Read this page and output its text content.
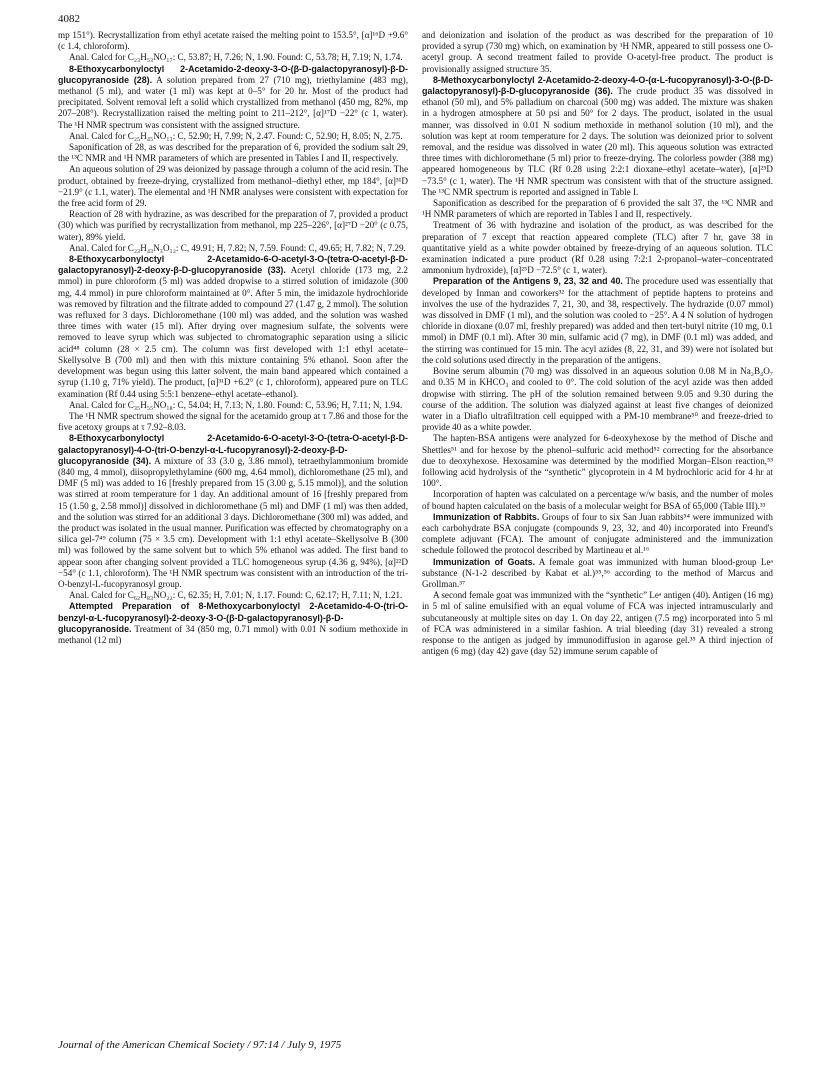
4082

mp 151°). Recrystallization from ethyl acetate raised the melting point to 153.5°, [α]¹⁶D +9.6° (c 1.4, chloroform).

Anal. Calcd for C₂₃H₅₃NO₁₇: C, 53.87; H, 7.26; N, 1.90. Found: C, 53.78; H, 7.19; N, 1.74.

8-Ethoxycarbonyloctyl 2-Acetamido-2-deoxy-3-O-(β-D-galactopyranosyl)-β-D-glucopyranoside (28). A solution prepared from 27 (710 mg), triethylamine (483 mg), methanol (5 ml), and water (1 ml) was kept at 0–5° for 20 hr. Most of the product had precipitated. Solvent removal left a solid which crystallized from methanol (450 mg, 82%, mp 207–208°). Recrystallization raised the melting point to 211–212°, [α]¹⁷D −22° (c 1, water). The ¹H NMR spectrum was consistent with the assigned structure.

Anal. Calcd for C₂₅H₄₅NO₁₃: C, 52.90; H, 7.99; N, 2.47. Found: C, 52.90; H, 8.05; N, 2.75.

Saponification of 28, as was described for the preparation of 6, provided the sodium salt 29, the ¹³C NMR and ¹H NMR parameters of which are presented in Tables I and II, respectively.

An aqueous solution of 29 was deionized by passage through a column of the acid resin. The product, obtained by freeze-drying, crystallized from methanol–diethyl ether, mp 184°, [α]³¹D −21.9° (c 1.1, water). The elemental and ¹H NMR analyses were consistent with expectation for the free acid form of 29.

Reaction of 28 with hydrazine, as was described for the preparation of 7, provided a product (30) which was purified by recrystallization from methanol, mp 225–226°, [α]²⁷D −20° (c 0.75, water), 89% yield.

Anal. Calcd for C₂₃H₄₃N₃O₁₂: C, 49.91; H, 7.82; N, 7.59. Found: C, 49.65; H, 7.82; N, 7.29.

8-Ethoxycarbonyloctyl 2-Acetamido-6-O-acetyl-3-O-(tetra-O-acetyl-β-D-galactopyranosyl)-2-deoxy-β-D-glucopyranoside (33). Acetyl chloride (173 mg, 2.2 mmol) in pure chloroform (5 ml) was added dropwise to a stirred solution of imidazole (300 mg, 4.4 mmol) in pure chloroform maintained at 0°. After 5 min, the imidazole hydrochloride was removed by filtration and the filtrate added to compound 27 (1.47 g, 2 mmol). The solution was refluxed for 3 days. Dichloromethane (100 ml) was added, and the solution was washed three times with water (15 ml). After drying over magnesium sulfate, the solvents were removed to leave syrup which was subjected to chromatographic separation using a silicic acid⁴⁸ column (28 × 2.5 cm). The column was first developed with 1:1 ethyl acetate–Skellysolve B (700 ml) and then with this mixture containing 5% ethanol. Soon after the development was begun using this latter solvent, the main band appeared which contained a syrup (1.10 g, 71% yield). The product, [α]³¹D +6.2° (c 1, chloroform), appeared pure on TLC examination (Rf 0.44 using 5:5:1 benzene–ethyl acetate–ethanol).

Anal. Calcd for C₃₅H₅₅NO₁₈: C, 54.04; H, 7.13; N, 1.80. Found: C, 53.96; H, 7.11; N, 1.94.

The ¹H NMR spectrum showed the signal for the acetamido group at τ 7.86 and those for the five acetoxy groups at τ 7.92–8.03.

8-Ethoxycarbonyloctyl 2-Acetamido-6-O-acetyl-3-O-(tetra-O-acetyl-β-D-galactopyranosyl)-4-O-(tri-O-benzyl-α-L-fucopyranosyl)-2-deoxy-β-D-glucopyranoside (34). A mixture of 33 (3.0 g, 3.86 mmol), tetraethylammonium bromide (840 mg, 4 mmol), diisopropylethylamine (600 mg, 4.64 mmol), dichloromethane (25 ml), and DMF (5 ml) was added to 16 [freshly prepared from 15 (3.00 g, 5.15 mmol)], and the solution was stirred at room temperature for 1 day. An additional amount of 16 [freshly prepared from 15 (1.50 g, 2.58 mmol)] dissolved in dichloromethane (5 ml) and DMF (1 ml) was then added, and the solution was stirred for an additional 3 days. Dichloromethane (300 ml) was added, and the product was isolated in the usual manner. Purification was effected by chromatography on a silica gel-7⁴⁹ column (75 × 3.5 cm). Development with 1:1 ethyl acetate–Skellysolve B (300 ml) was followed by the same solvent but to which 5% ethanol was added. The first band to appear soon after changing solvent provided a TLC homogeneous syrup (4.36 g, 94%), [α]²²D −54° (c 1.1, chloroform). The ¹H NMR spectrum was consistent with an introduction of the tri-O-benzyl-L-fucopyranosyl group.

Anal. Calcd for C₆₂H₈₃NO₂₂: C, 62.35; H, 7.01; N, 1.17. Found: C, 62.17; H, 7.11; N, 1.21.

Attempted Preparation of 8-Methoxycarbonyloctyl 2-Acetamido-4-O-(tri-O-benzyl-α-L-fucopyranosyl)-2-deoxy-3-O-(β-D-galactopyranosyl)-β-D-glucopyranoside. Treatment of 34 (850 mg, 0.71 mmol) with 0.01 N sodium methoxide in methanol (12 ml)

and deionization and isolation of the product as was described for the preparation of 10 provided a syrup (730 mg) which, on examination by ¹H NMR, appeared to still possess one O-acetyl group. A second treatment failed to provide O-acetyl-free product. The product is provisionally assigned structure 35.

8-Methoxycarbonyloctyl 2-Acetamido-2-deoxy-4-O-(α-L-fucopyranosyl)-3-O-(β-D-galactopyranosyl)-β-D-glucopyranoside (36). The crude product 35 was dissolved in ethanol (50 ml), and 5% palladium on charcoal (500 mg) was added. The mixture was shaken in a hydrogen atmosphere at 50 psi and 50° for 2 days. The product, isolated in the usual manner, was dissolved in 0.01 N sodium methoxide in methanol solution (10 ml), and the solution was kept at room temperature for 2 days. The solution was deionized prior to solvent removal, and the residue was dissolved in water (20 ml). This aqueous solution was extracted three times with dichloromethane (5 ml) prior to freeze-drying. The colorless powder (388 mg) appeared homogeneous by TLC (Rf 0.28 using 2:2:1 dioxane–ethyl acetate–water), [α]²⁵D −73.5° (c 1, water). The ¹H NMR spectrum was consistent with that of the structure assigned. The ¹³C NMR spectrum is reported and assigned in Table I.

Saponification as described for the preparation of 6 provided the salt 37, the ¹³C NMR and ¹H NMR parameters of which are reported in Tables I and II, respectively.

Treatment of 36 with hydrazine and isolation of the product, as was described for the preparation of 7 except that reaction appeared complete (TLC) after 7 hr, gave 38 in quantitative yield as a white powder obtained by freeze-drying of an aqueous solution. TLC examination indicated a pure product (Rf 0.28 using 7:2:1 2-propanol–water–concentrated ammonium hydroxide), [α]²⁵D −72.5° (c 1, water).

Preparation of the Antigens 9, 23, 32 and 40. The procedure used was essentially that developed by Inman and coworkers³² for the attachment of peptide haptens to proteins and involves the use of the hydrazides 7, 21, 30, and 38, respectively. The hydrazide (0.07 mmol) was dissolved in DMF (1 ml), and the solution was cooled to −25°. A 4 N solution of hydrogen chloride in dioxane (0.07 ml, freshly prepared) was added and then tert-butyl nitrite (10 mg, 0.1 mmol) in DMF (0.1 ml). After 30 min, sulfamic acid (7 mg), in DMF (0.1 ml) was added, and the stirring was continued for 15 min. The acyl azides (8, 22, 31, and 39) were not isolated but the cold solutions used directly in the preparation of the antigens.

Bovine serum albumin (70 mg) was dissolved in an aqueous solution 0.08 M in Na₂B₄O₇ and 0.35 M in KHCO₃ and cooled to 0°. The cold solution of the acyl azide was then added dropwise with stirring. The pH of the solution remained between 9.05 and 9.30 during the course of the addition. The solution was dialyzed against at least five changes of deionized water in a Diaflo ultrafiltration cell equipped with a PM-10 membrane⁵⁰ and freeze-dried to provide 40 as a white powder.

The hapten-BSA antigens were analyzed for 6-deoxyhexose by the method of Dische and Shettles⁵¹ and for hexose by the phenol–sulfuric acid method⁵² correcting for the absorbance due to deoxyhexose. Hexosamine was determined by the modified Morgan–Elson reaction,⁵³ following acid hydrolysis of the “synthetic” glycoprotein in 4 M hydrochloric acid for 4 hr at 100°.

Incorporation of hapten was calculated on a percentage w/w basis, and the number of moles of bound hapten calculated on the basis of a molecular weight for BSA of 65,000 (Table III).³³

Immunization of Rabbits. Groups of four to six San Juan rabbits⁵⁴ were immunized with each carbohydrate BSA conjugate (compounds 9, 23, 32, and 40) incorporated into Freund's complete adjuvant (FCA). The amount of conjugate administered and the immunization schedule followed the protocol described by Martineau et al.¹⁶

Immunization of Goats. A female goat was immunized with human blood-group Leᵃ substance (N-1-2 described by Kabat et al.)⁵⁵,⁵⁶ according to the method of Marcus and Grollman.³⁷

A second female goat was immunized with the “synthetic” Leᵃ antigen (40). Antigen (16 mg) in 5 ml of saline emulsified with an equal volume of FCA was injected intramuscularly and subcutaneously at multiple sites on day 1. On day 22, antigen (7.5 mg) incorporated into 5 ml of FCA was administered in a similar fashion. A trial bleeding (day 31) revealed a strong response to the antigen as judged by immunodiffusion in agarose gel.³⁵ A third injection of antigen (6 mg) (day 42) gave (day 52) immune serum capable of

Journal of the American Chemical Society / 97:14 / July 9, 1975
